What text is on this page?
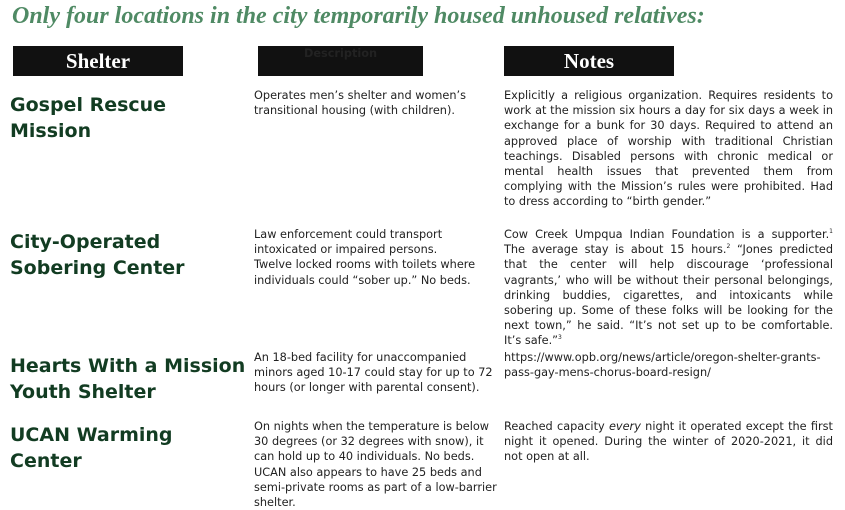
Only four locations in the city temporarily housed unhoused relatives:
Shelter	Description	Notes
Gospel Rescue Mission
Operates men’s shelter and women’s transitional housing (with children).
Explicitly a religious organization. Requires residents to work at the mission six hours a day for six days a week in exchange for a bunk for 30 days. Required to attend an approved place of worship with traditional Christian teachings. Disabled persons with chronic medical or mental health issues that prevented them from complying with the Mission’s rules were prohibited. Had to dress according to “birth gender.”
City-Operated Sobering Center
Law enforcement could transport intoxicated or impaired persons.
Twelve locked rooms with toilets where individuals could “sober up.” No beds.
Cow Creek Umpqua Indian Foundation is a supporter.$^1$ The average stay is about 15 hours.$^2$ “Jones predicted that the center will help discourage ‘professional vagrants,’ who will be without their personal belongings, drinking buddies, cigarettes, and intoxicants while sobering up. Some of these folks will be looking for the next town,” he said. “It’s not set up to be comfortable. It’s safe.”$^3$
Hearts With a Mission Youth Shelter
An 18-bed facility for unaccompanied minors aged 10-17 could stay for up to 72 hours (or longer with parental consent).
https://www.opb.org/news/article/oregon-shelter-grants-pass-gay-mens-chorus-board-resign/
UCAN Warming Center
On nights when the temperature is below 30 degrees (or 32 degrees with snow), it can hold up to 40 individuals. No beds. UCAN also appears to have 25 beds and semi-private rooms as part of a low-barrier shelter.
Reached capacity every night it operated except the first night it opened. During the winter of 2020-2021, it did not open at all.
